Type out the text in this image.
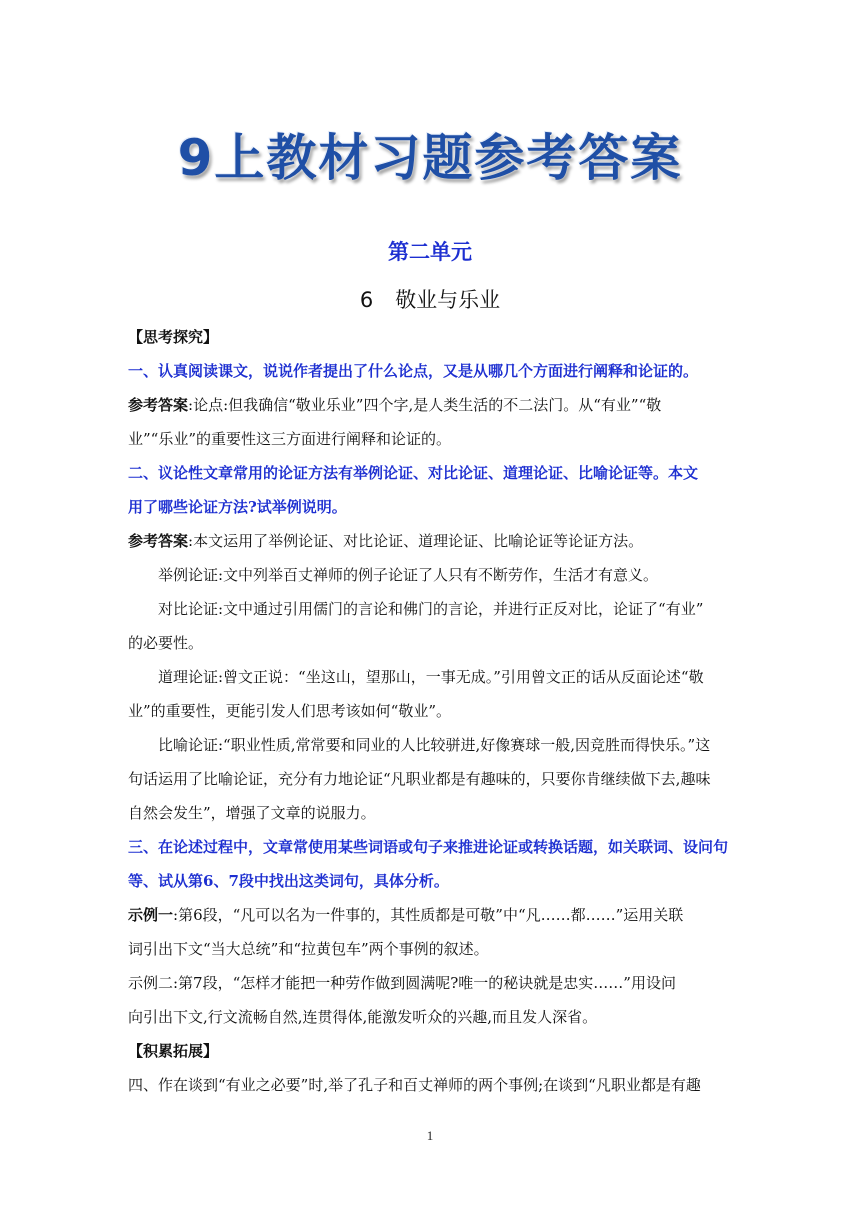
9上教材习题参考答案
第二单元
6 敬业与乐业
【思考探究】
一、认真阅读课文，说说作者提出了什么论点，又是从哪几个方面进行阐释和论证的。
参考答案:论点:但我确信“敬业乐业”四个字,是人类生活的不二法门。从“有业”“敬
业”“乐业”的重要性这三方面进行阐释和论证的。
二、议论性文章常用的论证方法有举例论证、对比论证、道理论证、比喻论证等。本文
用了哪些论证方法?试举例说明。
参考答案:本文运用了举例论证、对比论证、道理论证、比喻论证等论证方法。
举例论证:文中列举百丈禅师的例子论证了人只有不断劳作，生活才有意义。
对比论证:文中通过引用儒门的言论和佛门的言论，并进行正反对比，论证了“有业”
的必要性。
道理论证:曾文正说：“坐这山，望那山，一事无成。”引用曾文正的话从反面论述“敬
业”的重要性，更能引发人们思考该如何“敬业”。
比喻论证:“职业性质,常常要和同业的人比较骈进,好像赛球一般,因竞胜而得快乐。”这
句话运用了比喻论证，充分有力地论证“凡职业都是有趣味的，只要你肯继续做下去,趣味
自然会发生”，增强了文章的说服力。
三、在论述过程中，文章常使用某些词语或句子来推进论证或转换话题，如关联词、设问句
等、试从第6、7段中找出这类词句，具体分析。
示例一:第6段，“凡可以名为一件事的，其性质都是可敬”中“凡……都……”运用关联
词引出下文“当大总统”和“拉黄包车”两个事例的叙述。
示例二:第7段，“怎样才能把一种劳作做到圆满呢?唯一的秘诀就是忠实……”用设问
向引出下文,行文流畅自然,连贯得体,能激发听众的兴趣,而且发人深省。
【积累拓展】
四、作在谈到“有业之必要”时,举了孔子和百丈禅师的两个事例;在谈到“凡职业都是有趣
1
